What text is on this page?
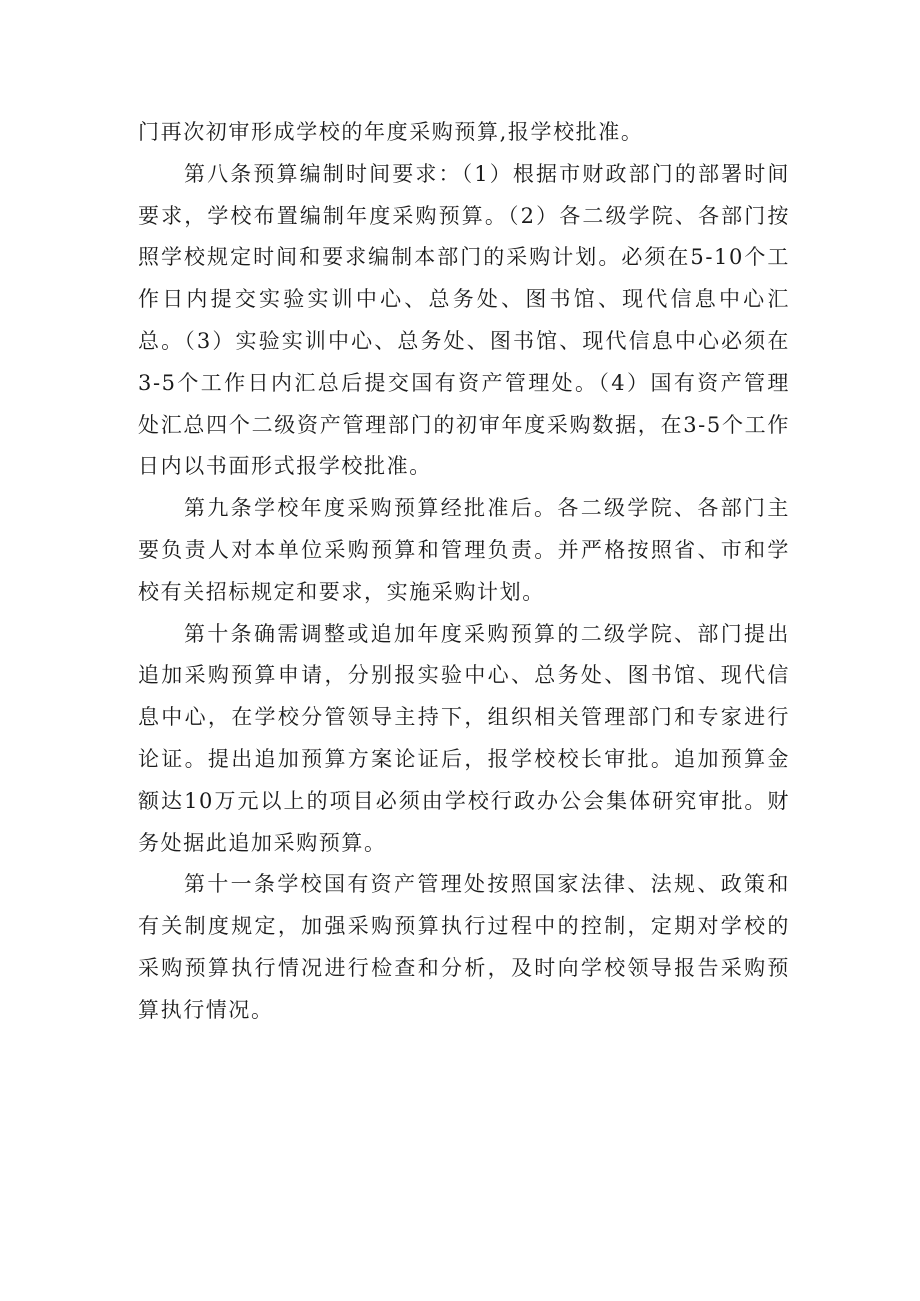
门再次初审形成学校的年度采购预算,报学校批准。

第八条预算编制时间要求：（1）根据市财政部门的部署时间要求，学校布置编制年度采购预算。（2）各二级学院、各部门按照学校规定时间和要求编制本部门的采购计划。必须在5-10个工作日内提交实验实训中心、总务处、图书馆、现代信息中心汇总。（3）实验实训中心、总务处、图书馆、现代信息中心必须在3-5个工作日内汇总后提交国有资产管理处。（4）国有资产管理处汇总四个二级资产管理部门的初审年度采购数据，在3-5个工作日内以书面形式报学校批准。

第九条学校年度采购预算经批准后。各二级学院、各部门主要负责人对本单位采购预算和管理负责。并严格按照省、市和学校有关招标规定和要求，实施采购计划。

第十条确需调整或追加年度采购预算的二级学院、部门提出追加采购预算申请，分别报实验中心、总务处、图书馆、现代信息中心，在学校分管领导主持下，组织相关管理部门和专家进行论证。提出追加预算方案论证后，报学校校长审批。追加预算金额达10万元以上的项目必须由学校行政办公会集体研究审批。财务处据此追加采购预算。

第十一条学校国有资产管理处按照国家法律、法规、政策和有关制度规定，加强采购预算执行过程中的控制，定期对学校的采购预算执行情况进行检查和分析，及时向学校领导报告采购预算执行情况。
